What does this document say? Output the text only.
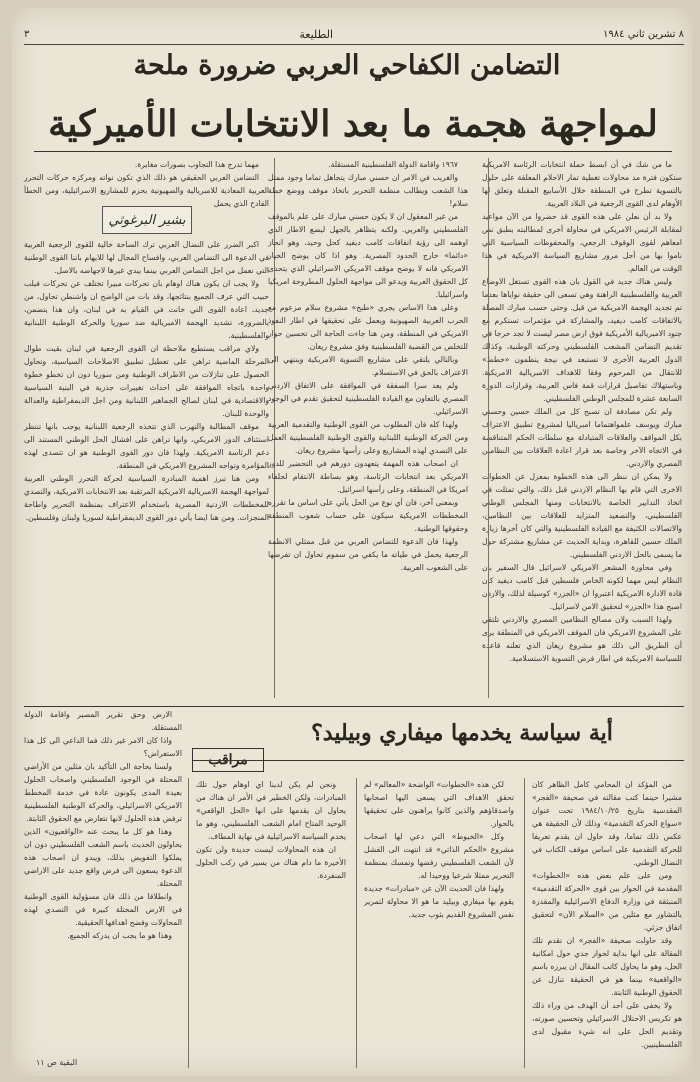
٨ تشرين ثاني ١٩٨٤
الطليعة
٣
التضامن الكفاحي العربي ضرورة ملحة
لمواجهة هجمة ما بعد الانتخابات الأميركية

ما من شك في أن ابسط حملة انتخابات الرئاسة الامريكية ستكون فترة مد محاولات تغطية تمار الاحلام المعلقة على حلول بالتسوية تطرح في المنطقة خلال الأسابيع المقبلة وتعلق لها الأوهام لدى القوى الرجعية في البلاد العربية.

ولا بد أن نعلن على هذه القوى قد حضروا من الآن مواعيد لمقابلة الرئيس الامريكي في محاولة أخرى لمطالبته بطبق نص امعاهم لقوى الوقوف الرجعي، والمحفوظات السياسية التي ناموا بها من أجل مرور مشاريع السياسة الامريكية في هذا الوقت من العالم.

وليس هناك جديد في القول بان هذه القوى تستغل الاوضاع العربية والفلسطينية الراهنة وهي تسعى الى حقيقة نواياها بعدما تم تجديد الهجمة الامريكية من قبل. وحتى حسب مبارك المصلة بالاتفاقات كامب ديفيد، والمشاركة في مؤتمرات تستكرم مع جنود الامبريالية الأمريكية فوق ارض مصر ليست لا تجد حرجا في تقديم التضامن المشعب الفلسطيني وحركته الوطنية، وكذلك الدول العربية الأخرى لا تستبعد في نيجة ينظمون «خطط» للانتقال من المرحوم وفقا للاهداف الامبريالية الامريكية. وباستهلاك تفاصيل قرارات قمة فاس العربية، وقرارات الدورة السابعة عشرة للمجلس الوطني الفلسطيني.

ولم تكن مصادفة ان تصبح كل من الملك حسين وحسني مبارك ويوسف علمواهتماما امبرياليا لمشروع تطبيق الاعتراف بكل المواقف والعلاقات المتبادلة مع سلطات الحكم المتناقضة في الاتجاه الآخر وخاصة بعد قرار اعادة العلاقات بين النظامين المصري والاردني.

ولا يمكن ان ننظر الى هذه الخطوة بمعزل عن الخطوات الاخرى التي قام بها النظام الاردني قبل ذلك، والتي تمثلت في اتخاذ التدابير الخاصة بالانتخابات ومنها المجلس الوطني الفلسطيني، والتصعيد المتزايد للعلاقات بين النظامين، والاتصالات الكثيفة مع القيادة الفلسطينية والتي كان آخرها زيارة الملك حسين للقاهرة، وبداية الحديث عن مشاريع مشتركة حول ما يسمى بالحل الاردني الفلسطيني.

وفي محاورة المشعر الامريكي لاسرائيل قال السفير بان النظام ليس مهما لكونه الخاص فلسطين قبل كامب ديفيد كان قادة الادارة الامريكية اعتبروا ان «الجزر» كوسيلة لذلك، والاردن اصبح هذا «الجزر» لتحقيق الامن لاسرائيل.

ولهذا السبب ولان مصالح النظامين المصري والاردني تلتقي على المشروع الامريكي فان الموقف الامريكي في المنطقة يرى أن الطريق الى ذلك هو مشروع ريغان الذي تعلنه قاعدة للسياسة الامريكية في اطار فرض التسوية الاستسلامية.

١٩٦٧ واقامة الدولة الفلسطينية المستقلة.

والغريب في الامر ان حسني مبارك يتجاهل تماما وجود ممثل هذا الشعب ويطالب منظمة التحرير باتخاذ موقف ووضع خطة سلام!

من غير المعقول ان لا يكون حسني مبارك على علم بالموقف الفلسطيني والعربي. ولكنه يتظاهر بالجهل ليضع الاطار الذي اوهمه الى رؤية اتفاقات كامب ديفيد كحل وحيد، وهو انحاز «دائما» خارج الحدود المصرية. وهو اذا كان يوضح الخيار الامريكي فانه لا يوضح موقف الامريكي الاسرائيلي الذي يتحدى كل الحقوق العربية ويدعو الى مواجهة الحلول المطروحة امريكيا واسرائيليا.

وعلى هذا الاساس يجري «طبخ» مشروع سلام مزعوم مع الحرب العربية الصهيونية ويعمل على تحقيقها في اطار النفوذ الامريكي في المنطقة، ومن هنا جاءت الحاجة الى تحسين حوار للتخلص من القضية الفلسطينية وفق مشروع ريغان.

وبالتالي يلتقي على مشاريع التسوية الامريكية وينتهي الى الاعتراف بالحق في الاستسلام.

ولم يعد سرا الصفقة في الموافقة على الاتفاق الاردني المصري بالتعاون مع القيادة الفلسطينية لتحقيق تقدم في الوجود الاسرائيلي.

ولهذا كله فان المطلوب من القوى الوطنية والتقدمية العربية ومن الحركة الوطنية اللبنانية والقوى الوطنية الفلسطينية العمل على التصدي لهذه المشاريع وعلى رأسها مشروع ريغان.

ان اصحاب هذه المهمة يتعهدون دورهم في التحضير للدور الامريكي بعد انتخابات الرئاسة، وهو بساطة الانتقام لحلفاء امريكا في المنطقة، وعلى رأسها اسرائيل.

وبمعنى آخر، فان أي نوع من الحل يأتي على اساس ما تقرره المخططات الامريكية سيكون على حساب شعوب المنطقة وحقوقها الوطنية.

ولهذا فان الدعوة للتضامن العربي من قبل ممثلي الانظمة الرجعية يحمل في طياته ما يكفي من سموم تحاول ان تفرضها على الشعوب العربية.

مهما تدرج هذا التجاوب بصورات مغايرة.

التضامن العربي الحقيقي هو ذلك الذي تكون نواته ومركزه حركات التحرر العربية المعادية للامبريالية والصهيونية بحزم للمشاريع الاسرائيلية، ومن الخطأ القادح الذي يحمل

بشير البرغوثي

اكبر الضرر على النضال العربي ترك الساحة خالية للقوى الرجعية العربية في الدعوة الى التضامن العربي، وافساح المجال لها للايهام باننا القوى الوطنية التي نعمل من اجل التضامن العربي بينما يبدي غيرها لاجهاضه بالاصل.

ولا يجب ان يكون هناك اوهام بان تحركات مبيرا تختلف عن تحركات فيلب حبيب التي عرف الجميع بنتائجها، وقد بات من الواضح ان واشنطن تحاول، من جديد، اعادة القوى التي خانت في القيام به في لبنان، وان هذا يتضمن، بالضرورة، تشديد الهجمة الامبريالية ضد سوريا والحركة الوطنية اللبنانية والفلسطينية.

ولاي مراقب يستطيع ملاحظة ان القوى الرجعية في لبنان بقيت طوال المرحلة الماضية تراهن على تعطيل تطبيق الاصلاحات السياسية، وتحاول الحصول على تنازلات من الاطراف الوطنية ومن سوريا دون ان تخطو خطوة واحدة باتجاه الموافقة على احداث تغييرات جذرية في البنية السياسية والاقتصادية في لبنان لصالح الجماهير اللبنانية ومن اجل الديمقراطية والعدالة والوحدة للبنان.

موقف المطالبة والتهرب الذي تتخذه الرجعية اللبنانية يوجب بانها تنتظر استئناف الدور الامريكي، وانها تراهن على افشال الحل الوطني المستند الى دعم الرئاسة الامريكية. ولهذا فان دور القوى الوطنية هو ان تتصدى لهذه المؤامرة وتواجه المشروع الامريكي في المنطقة.

ومن هنا تبرز اهمية المبادرة السياسية لحركة التحرر الوطني العربية لمواجهة الهجمة الامبريالية الامريكية المرتقبة بعد الانتخابات الامريكية، والتصدي للمخططات الاردنية المصرية باستخدام الاعتراف بمنظمة التحرير واطاحة المنجزات. ومن هنا ايضا يأتي دور القوى الديمقراطية لسوريا ولبنان وفلسطين.

أية سياسة يخدمها ميفاري وبيليد؟
مراقب

من المؤكد ان المحامي كامل الظاهر كان مشيرا حينما كتب مقالته في صحيفة «الفجر» المقدسية بتاريخ ١٩٨٤/١٠/٢٥ تحت عنوان «سواع الحركة التقدمية» وذلك لأن الحقيقة هي عكس ذلك تماما، وقد حاول ان يقدم تعريفا للحركة التقدمية على اساس موقف الكتاب في النضال الوطني.

ومن على علم بعض هذه «الخطوات» المقدمة في الحوار بين قوى «الحركة التقدمية» المنبثقة في وزارة الدفاع الاسرائيلية والمقدرة بالتشاور مع مثلين من «السلام الآن» لتحقيق اتفاق جزئي.

وقد حاولت صحيفة «الفجر» ان تقدم تلك المقالة على انها بداية لحوار جدي حول امكانية الحل، وهو ما يحاول كاتب المقال ان يبرره باسم «الواقعية» بينما هو في الحقيقة تنازل عن الحقوق الوطنية الثابتة.

ولا يخفى على أحد أن الهدف من وراء ذلك هو تكريس الاحتلال الاسرائيلي وتحسين صورته، وتقديم الحل على انه شيء مقبول لدى الفلسطينيين.

لكن هذه «الخطوات» الواضحة «المعالم» لم تحقق الاهداف التي يسعى اليها اصحابها واصدقاؤهم والذين كانوا يراهنون على تحقيقها بالحوار.

وكل «الخيوط» التي دعي لها اصحاب مشروع «الحكم الذاتي» قد انتهت الى الفشل لأن الشعب الفلسطيني رفضها وتمسك بمنظمة التحرير ممثلا شرعيا ووحيدا له.

ولهذا فان الحديث الآن عن «مبادرات» جديدة يقوم بها ميفاري وبيليد ما هو الا محاولة لتمرير نفس المشروع القديم بثوب جديد.

ونحن لم يكن لدينا اي اوهام حول تلك المبادرات، ولكن الخطير في الأمر ان هناك من يحاول ان يقدمها على انها «الحل الواقعي» الوحيد المتاح امام الشعب الفلسطيني، وهو ما يخدم السياسة الاسرائيلية في نهاية المطاف.

ان هذه المحاولات ليست جديدة ولن تكون الأخيرة ما دام هناك من يسير في ركب الحلول المنفردة.

الارض وحق تقرير المصير واقامة الدولة المستقلة.

واذا كان الامر غير ذلك فما الداعي الى كل هذا الاستعراض؟

ولسنا بحاجة الى التأكيد بان مثلين من الأراضي المحتلة في الوجود الفلسطيني واصحاب الحلول بعيدة المدى يكونون عادة في خدمة المخطط الامريكي الاسرائيلي، والحركة الوطنية الفلسطينية ترفض هذه الحلول لانها تتعارض مع الحقوق الثابتة.

وهذا هو كل ما يبحث عنه «الواقعيون» الذين يحاولون الحديث باسم الشعب الفلسطيني دون ان يملكوا التفويض بذلك، ويبدو ان اصحاب هذه الدعوة يسعون الى فرض واقع جديد على الاراضي المحتلة.

وانطلاقا من ذلك فان مسؤولية القوى الوطنية في الارض المحتلة كبيرة في التصدي لهذه المحاولات وفضح اهدافها الحقيقية.

وهذا هو ما يجب ان يدركه الجميع.

البقية ص ١١
